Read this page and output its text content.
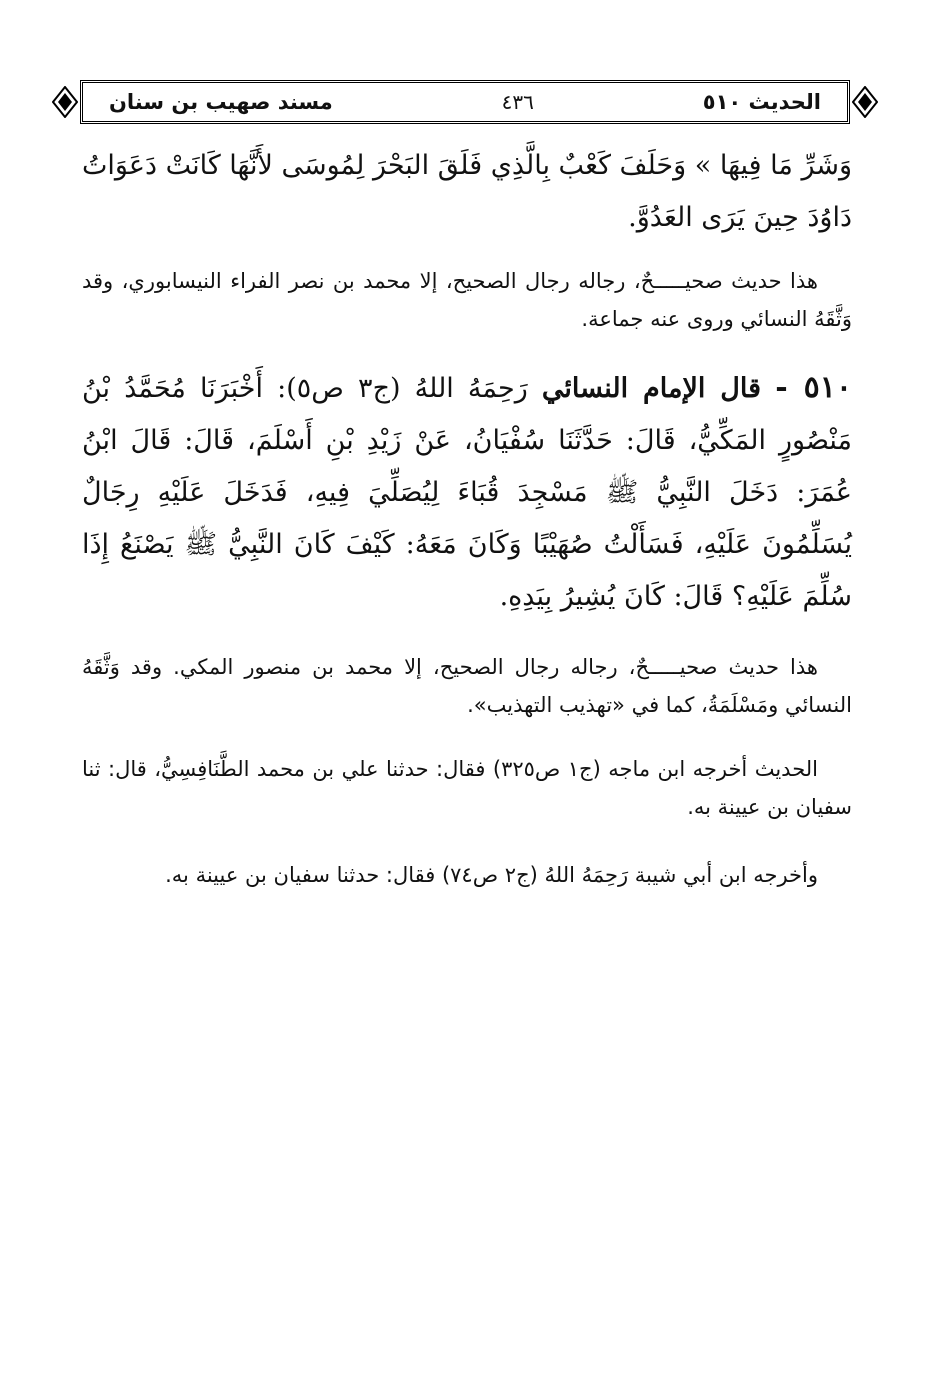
الحديث ٥١٠
٤٣٦
مسند صهيب بن سنان
وَشَرِّ مَا فِيهَا » وَحَلَفَ كَعْبٌ بِالَّذِي فَلَقَ البَحْرَ لِمُوسَى لأَنَّهَا كَانَتْ دَعَوَاتُ دَاوُدَ حِينَ يَرَى العَدُوَّ.
هذا حديث صحيـــــحٌ، رجاله رجال الصحيح، إلا محمد بن نصر الفراء النيسابوري، وقد وَثَّقَهُ النسائي وروى عنه جماعة.
٥١٠ - قال الإمام النسائي رَحِمَهُ اللهُ (ج٣ ص٥): أَخْبَرَنَا مُحَمَّدُ بْنُ مَنْصُورٍ المَكِّيُّ، قَالَ: حَدَّثَنَا سُفْيَانُ، عَنْ زَيْدِ بْنِ أَسْلَمَ، قَالَ: قَالَ ابْنُ عُمَرَ: دَخَلَ النَّبِيُّ ﷺ مَسْجِدَ قُبَاءَ لِيُصَلِّيَ فِيهِ، فَدَخَلَ عَلَيْهِ رِجَالٌ يُسَلِّمُونَ عَلَيْهِ، فَسَأَلْتُ صُهَيْبًا وَكَانَ مَعَهُ: كَيْفَ كَانَ النَّبِيُّ ﷺ يَصْنَعُ إِذَا سُلِّمَ عَلَيْهِ؟ قَالَ: كَانَ يُشِيرُ بِيَدِهِ.
هذا حديث صحيـــــحٌ، رجاله رجال الصحيح، إلا محمد بن منصور المكي. وقد وَثَّقَهُ النسائي ومَسْلَمَةُ، كما في «تهذيب التهذيب».
الحديث أخرجه ابن ماجه (ج١ ص٣٢٥) فقال: حدثنا علي بن محمد الطَّنَافِسِيُّ، قال: ثنا سفيان بن عيينة به.
وأخرجه ابن أبي شيبة رَحِمَهُ اللهُ (ج٢ ص٧٤) فقال: حدثنا سفيان بن عيينة به.
